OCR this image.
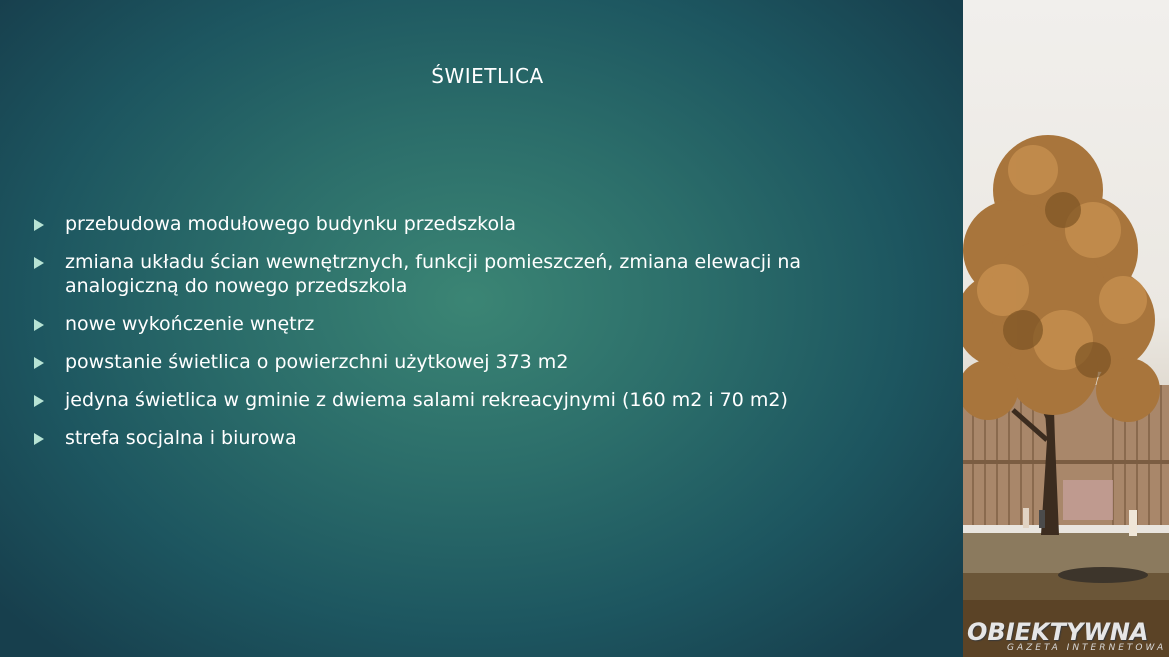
ŚWIETLICA
przebudowa modułowego budynku przedszkola
zmiana układu ścian wewnętrznych, funkcji pomieszczeń, zmiana elewacji na analogiczną do nowego przedszkola
nowe wykończenie wnętrz
powstanie świetlica o powierzchni użytkowej 373 m2
jedyna świetlica w gminie z dwiema salami rekreacyjnymi (160 m2 i 70 m2)
strefa socjalna i biurowa
OBIEKTYWNA
GAZETA INTERNETOWA
